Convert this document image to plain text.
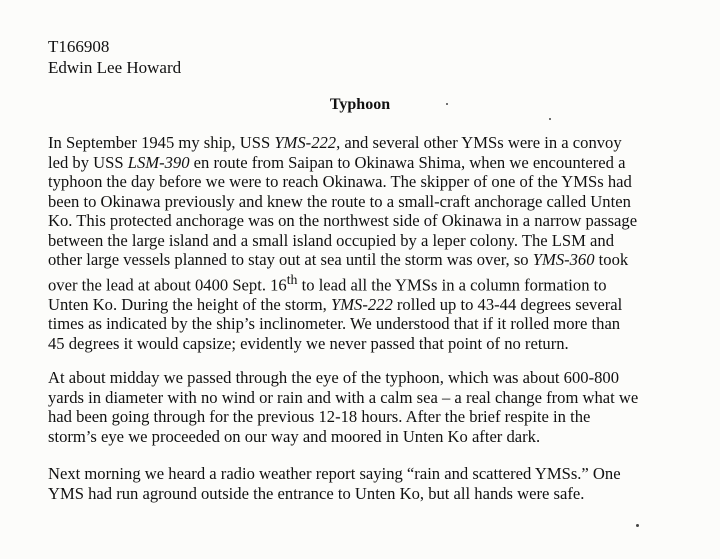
T166908
Edwin Lee Howard
Typhoon
In September 1945 my ship, USS YMS-222, and several other YMSs were in a convoy
led by USS LSM-390 en route from Saipan to Okinawa Shima, when we encountered a
typhoon the day before we were to reach Okinawa. The skipper of one of the YMSs had
been to Okinawa previously and knew the route to a small-craft anchorage called Unten
Ko. This protected anchorage was on the northwest side of Okinawa in a narrow passage
between the large island and a small island occupied by a leper colony. The LSM and
other large vessels planned to stay out at sea until the storm was over, so YMS-360 took
over the lead at about 0400 Sept. 16th to lead all the YMSs in a column formation to
Unten Ko. During the height of the storm, YMS-222 rolled up to 43-44 degrees several
times as indicated by the ship’s inclinometer. We understood that if it rolled more than
45 degrees it would capsize; evidently we never passed that point of no return.
At about midday we passed through the eye of the typhoon, which was about 600-800
yards in diameter with no wind or rain and with a calm sea – a real change from what we
had been going through for the previous 12-18 hours. After the brief respite in the
storm’s eye we proceeded on our way and moored in Unten Ko after dark.
Next morning we heard a radio weather report saying “rain and scattered YMSs.” One
YMS had run aground outside the entrance to Unten Ko, but all hands were safe.
